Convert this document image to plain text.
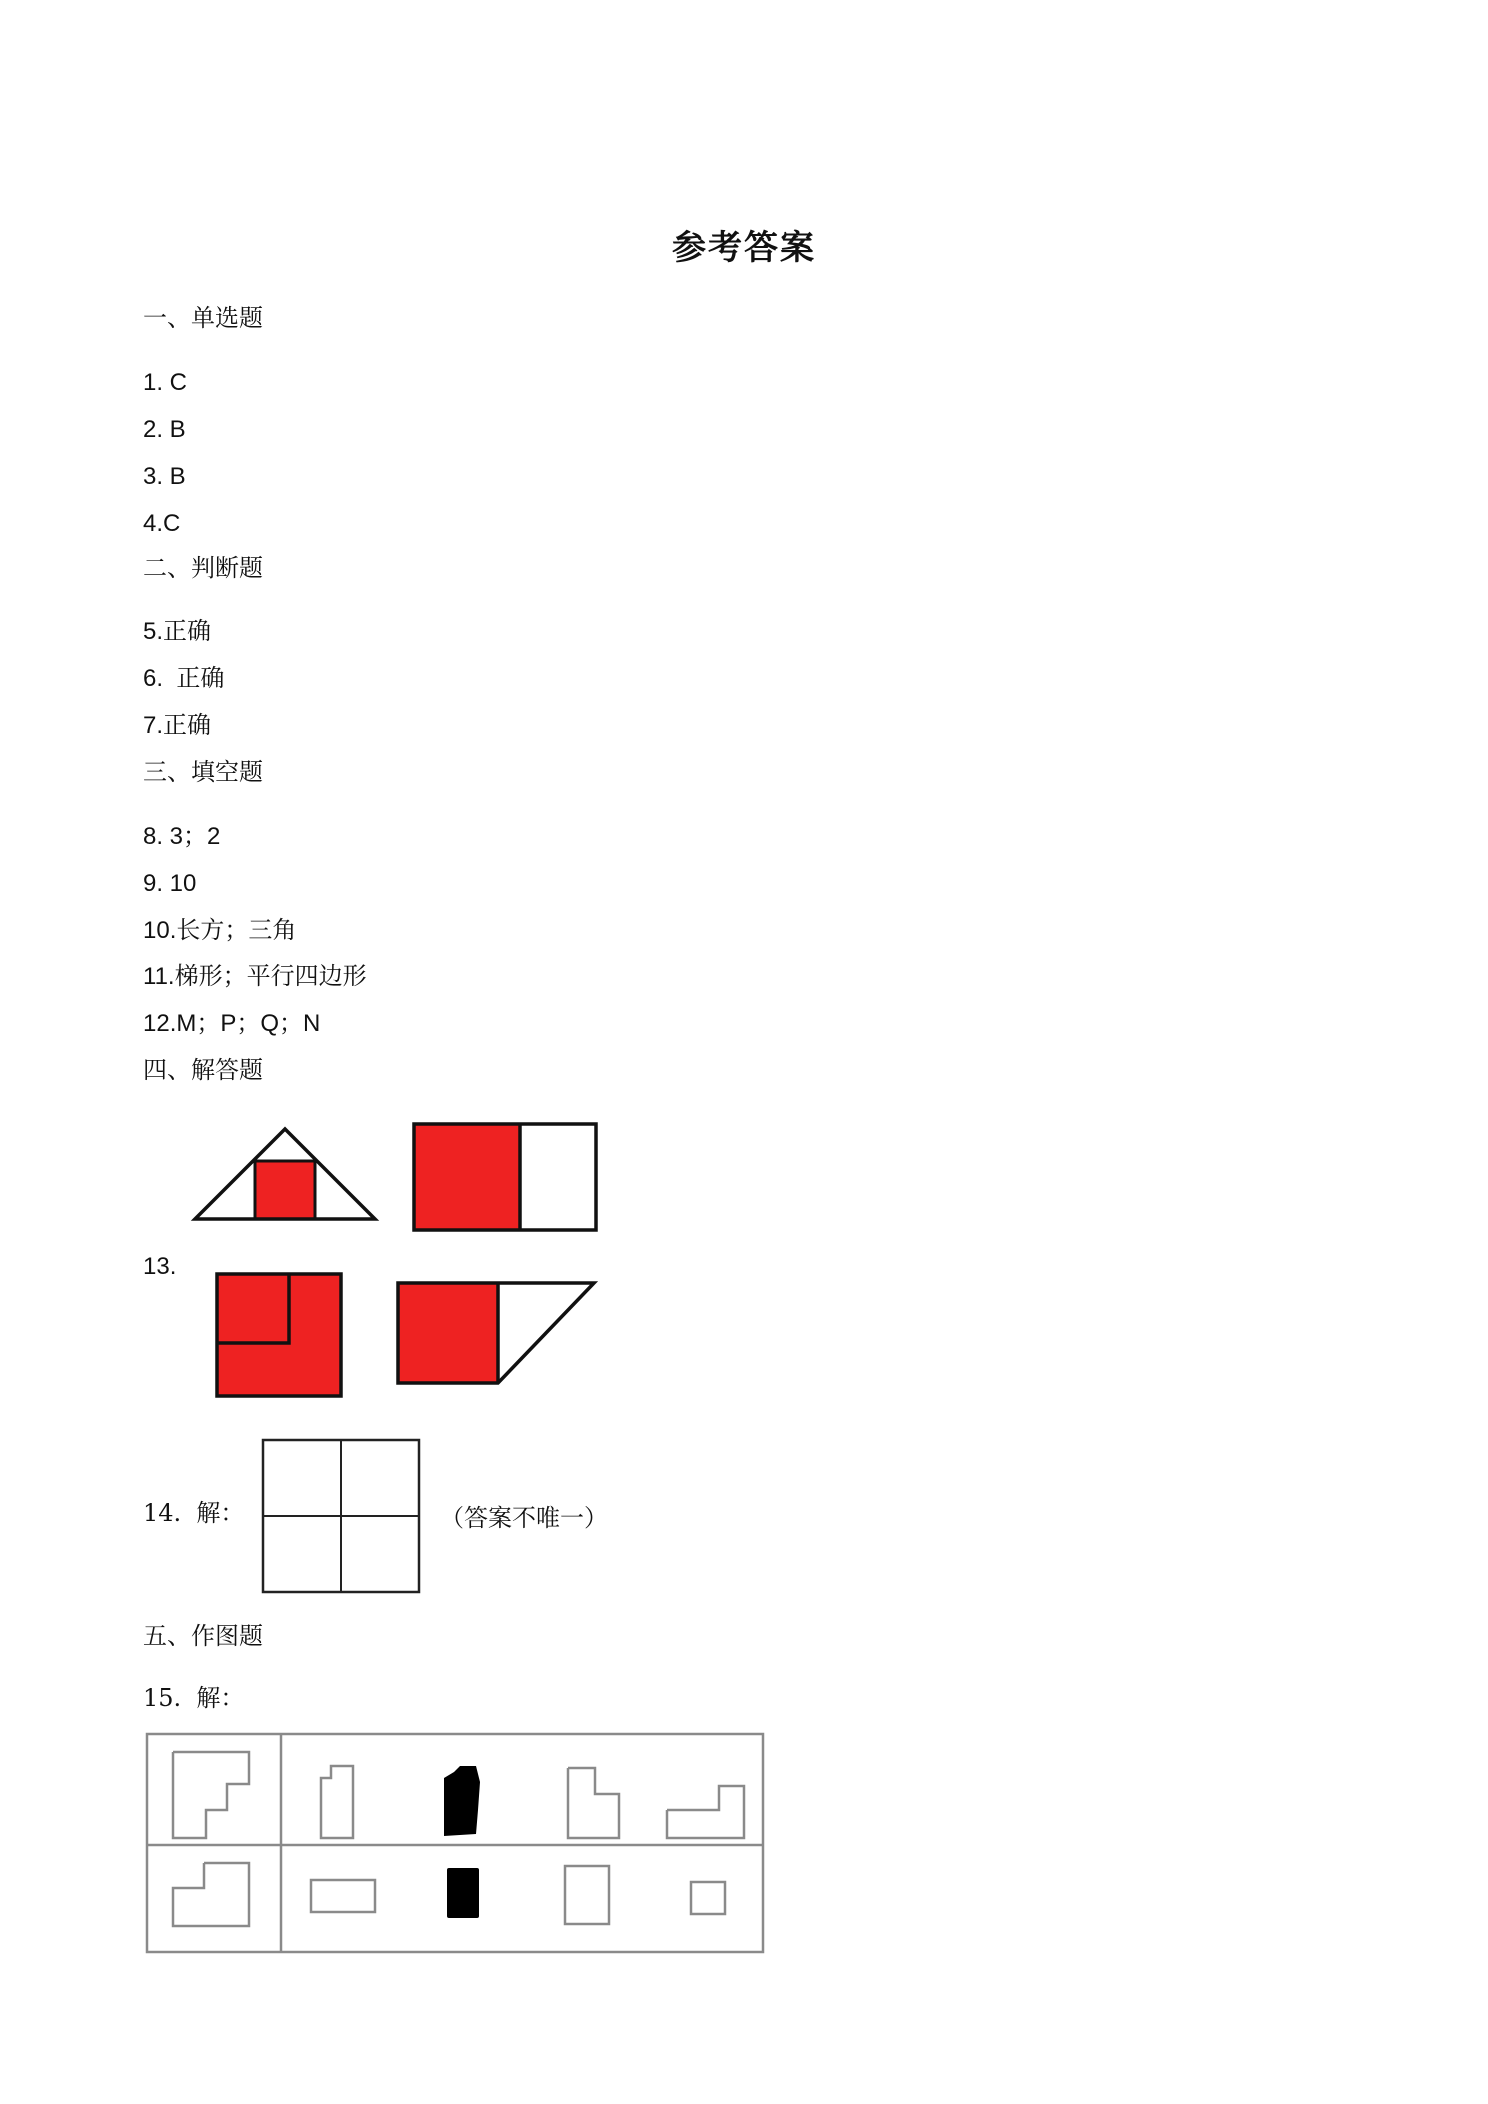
参考答案
一、单选题
1. C
2. B
3. B
4.C
二、判断题
5.正确
6.  正确
7.正确
三、填空题
8. 3；2
9. 10
10.长方；三角
11.梯形；平行四边形
12.M；P；Q；N
四、解答题
13.
14.  解：	（答案不唯一）
五、作图题
15.  解：
